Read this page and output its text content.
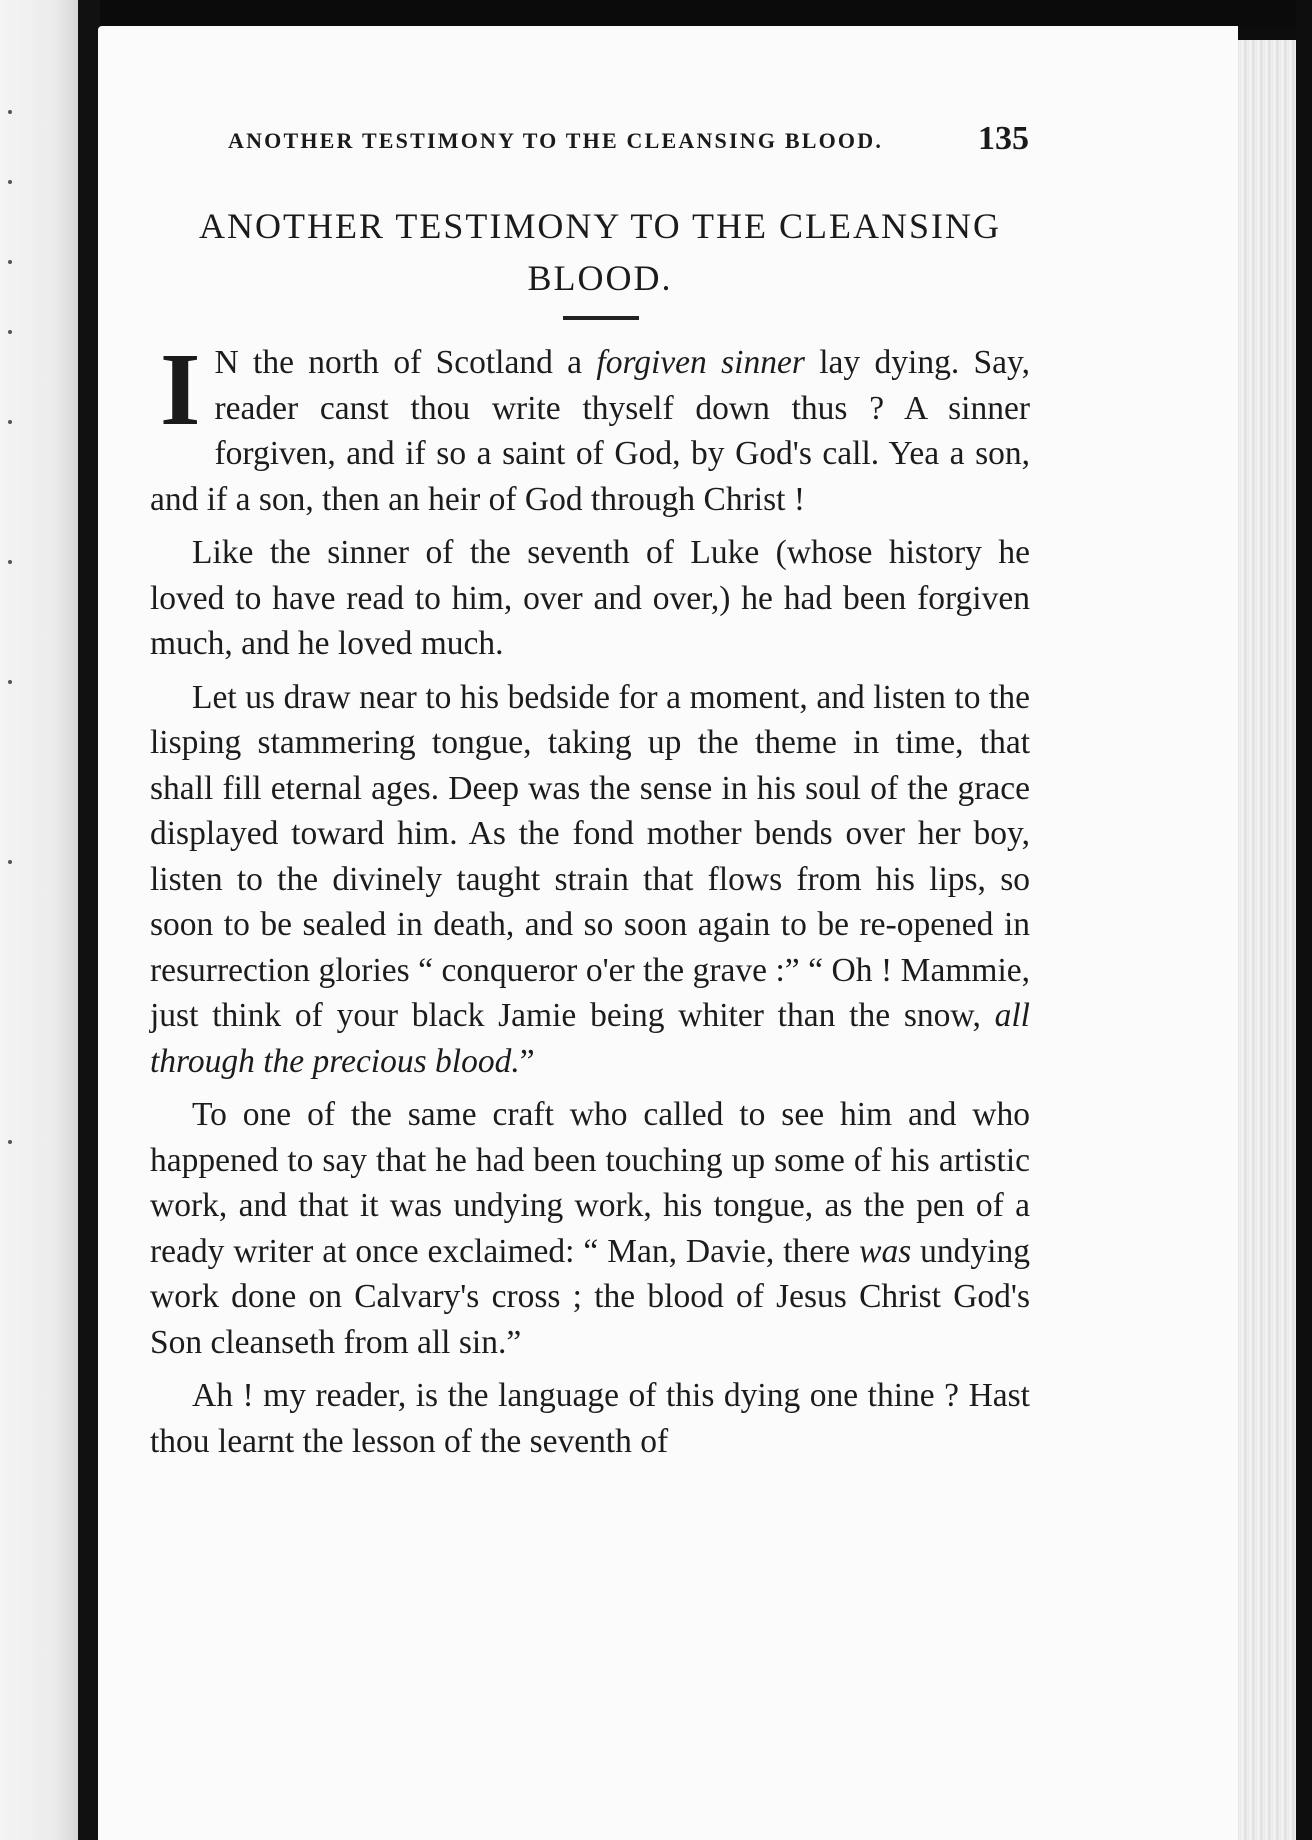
ANOTHER TESTIMONY TO THE CLEANSING BLOOD.	135
ANOTHER TESTIMONY TO THE CLEANSING BLOOD.

I N the north of Scotland a forgiven sinner lay dying. Say, reader canst thou write thyself down thus ? A sinner forgiven, and if so a saint of God, by God's call. Yea a son, and if a son, then an heir of God through Christ !

Like the sinner of the seventh of Luke (whose history he loved to have read to him, over and over,) he had been forgiven much, and he loved much.

Let us draw near to his bedside for a moment, and listen to the lisping stammering tongue, taking up the theme in time, that shall fill eternal ages. Deep was the sense in his soul of the grace displayed toward him. As the fond mother bends over her boy, listen to the divinely taught strain that flows from his lips, so soon to be sealed in death, and so soon again to be re-opened in resurrection glories “ conqueror o'er the grave :” “ Oh ! Mammie, just think of your black Jamie being whiter than the snow, all through the precious blood.”

To one of the same craft who called to see him and who happened to say that he had been touching up some of his artistic work, and that it was undying work, his tongue, as the pen of a ready writer at once exclaimed: “ Man, Davie, there was undying work done on Calvary's cross ; the blood of Jesus Christ God's Son cleanseth from all sin.”

Ah ! my reader, is the language of this dying one thine ? Hast thou learnt the lesson of the seventh of
